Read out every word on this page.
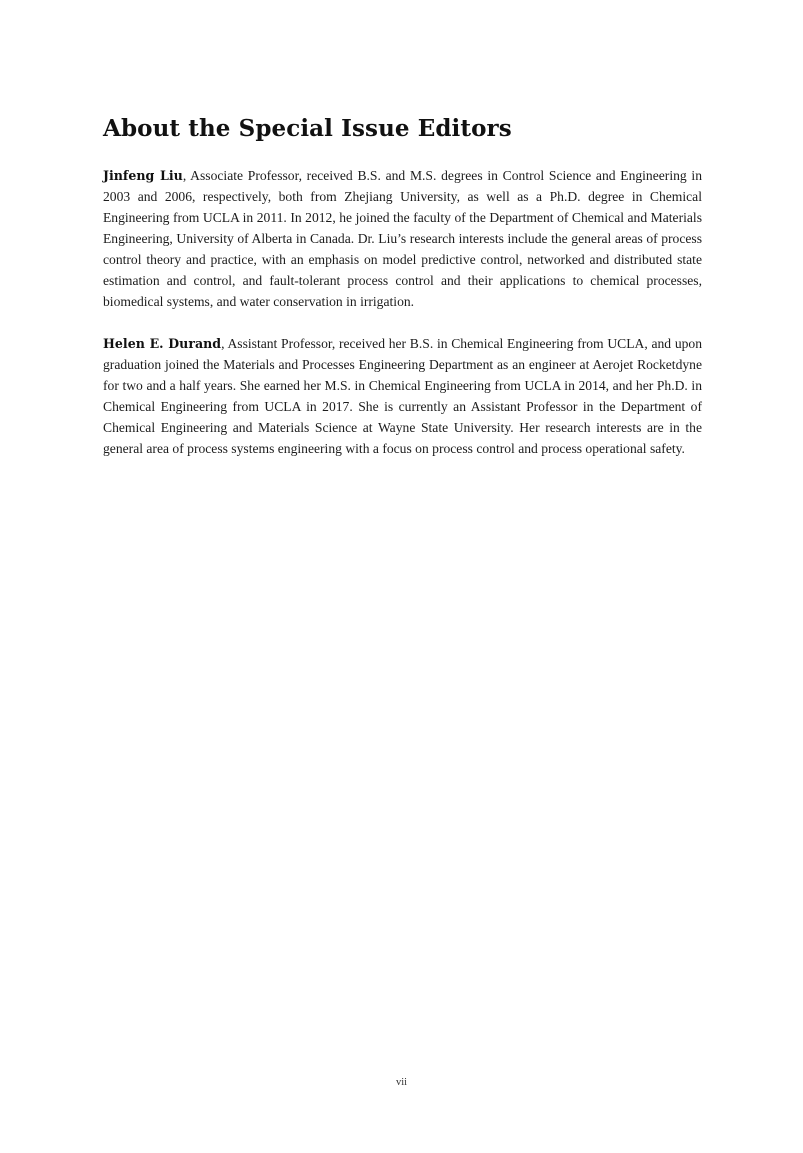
About the Special Issue Editors

Jinfeng Liu, Associate Professor, received B.S. and M.S. degrees in Control Science and Engineering in 2003 and 2006, respectively, both from Zhejiang University, as well as a Ph.D. degree in Chemical Engineering from UCLA in 2011. In 2012, he joined the faculty of the Department of Chemical and Materials Engineering, University of Alberta in Canada. Dr. Liu’s research interests include the general areas of process control theory and practice, with an emphasis on model predictive control, networked and distributed state estimation and control, and fault-tolerant process control and their applications to chemical processes, biomedical systems, and water conservation in irrigation.

Helen E. Durand, Assistant Professor, received her B.S. in Chemical Engineering from UCLA, and upon graduation joined the Materials and Processes Engineering Department as an engineer at Aerojet Rocketdyne for two and a half years. She earned her M.S. in Chemical Engineering from UCLA in 2014, and her Ph.D. in Chemical Engineering from UCLA in 2017. She is currently an Assistant Professor in the Department of Chemical Engineering and Materials Science at Wayne State University. Her research interests are in the general area of process systems engineering with a focus on process control and process operational safety.

vii
